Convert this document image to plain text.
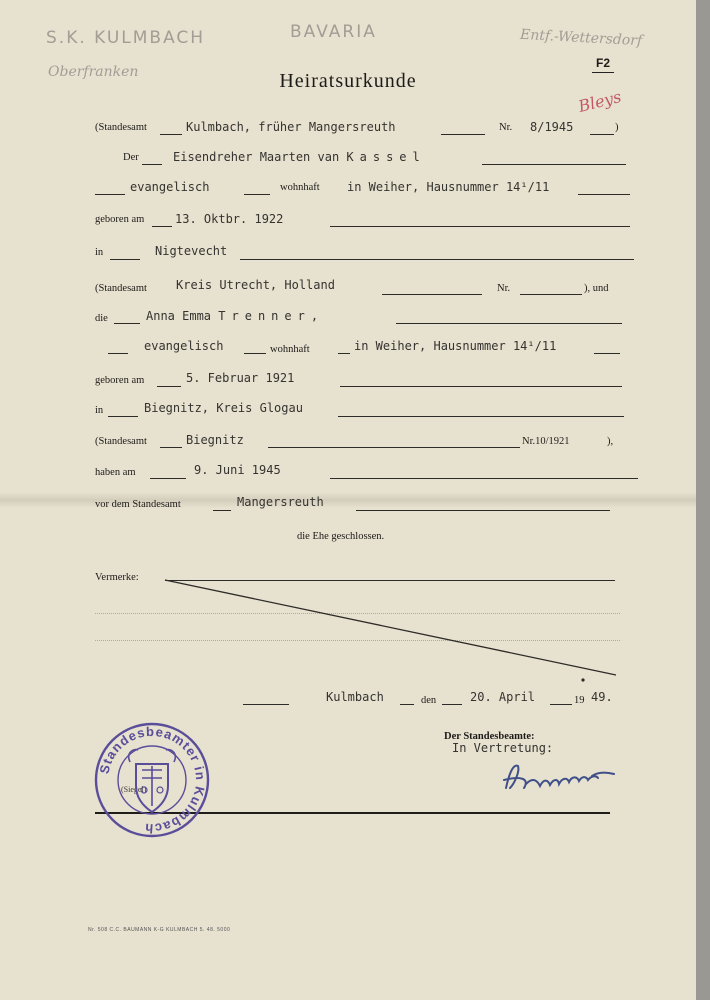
S.K. KULMBACH	BAVARIA	Entf.-Wettersdorf
Oberfranken
Bleys
F2
Heiratsurkunde
(Standesamt	Kulmbach, früher Mangersreuth	Nr. 8/1945	)
Der	Eisendreher Maarten van Kassel
evangelisch	wohnhaft in Weiher, Hausnummer 14¹/11
geboren am	13. Oktbr. 1922
in	Nigtevecht
(Standesamt Kreis Utrecht, Holland	Nr.	), und
die	Anna Emma Trenner,
evangelisch	wohnhaft	in Weiher, Hausnummer 14¹/11
geboren am	5. Februar 1921
in	Biegnitz, Kreis Glogau
(Standesamt	Biegnitz	Nr.10/1921	),
haben am	9. Juni 1945
vor dem Standesamt	Mangersreuth
die Ehe geschlossen.
Vermerke:
Kulmbach	den	20. April	19 49.
Der Standesbeamte:
In Vertretung:
(Siegel)
Standesbeamter in Kulmbach
Nr. 508 C.C. BAUMANN K-G KULMBACH 5. 48. 5000
